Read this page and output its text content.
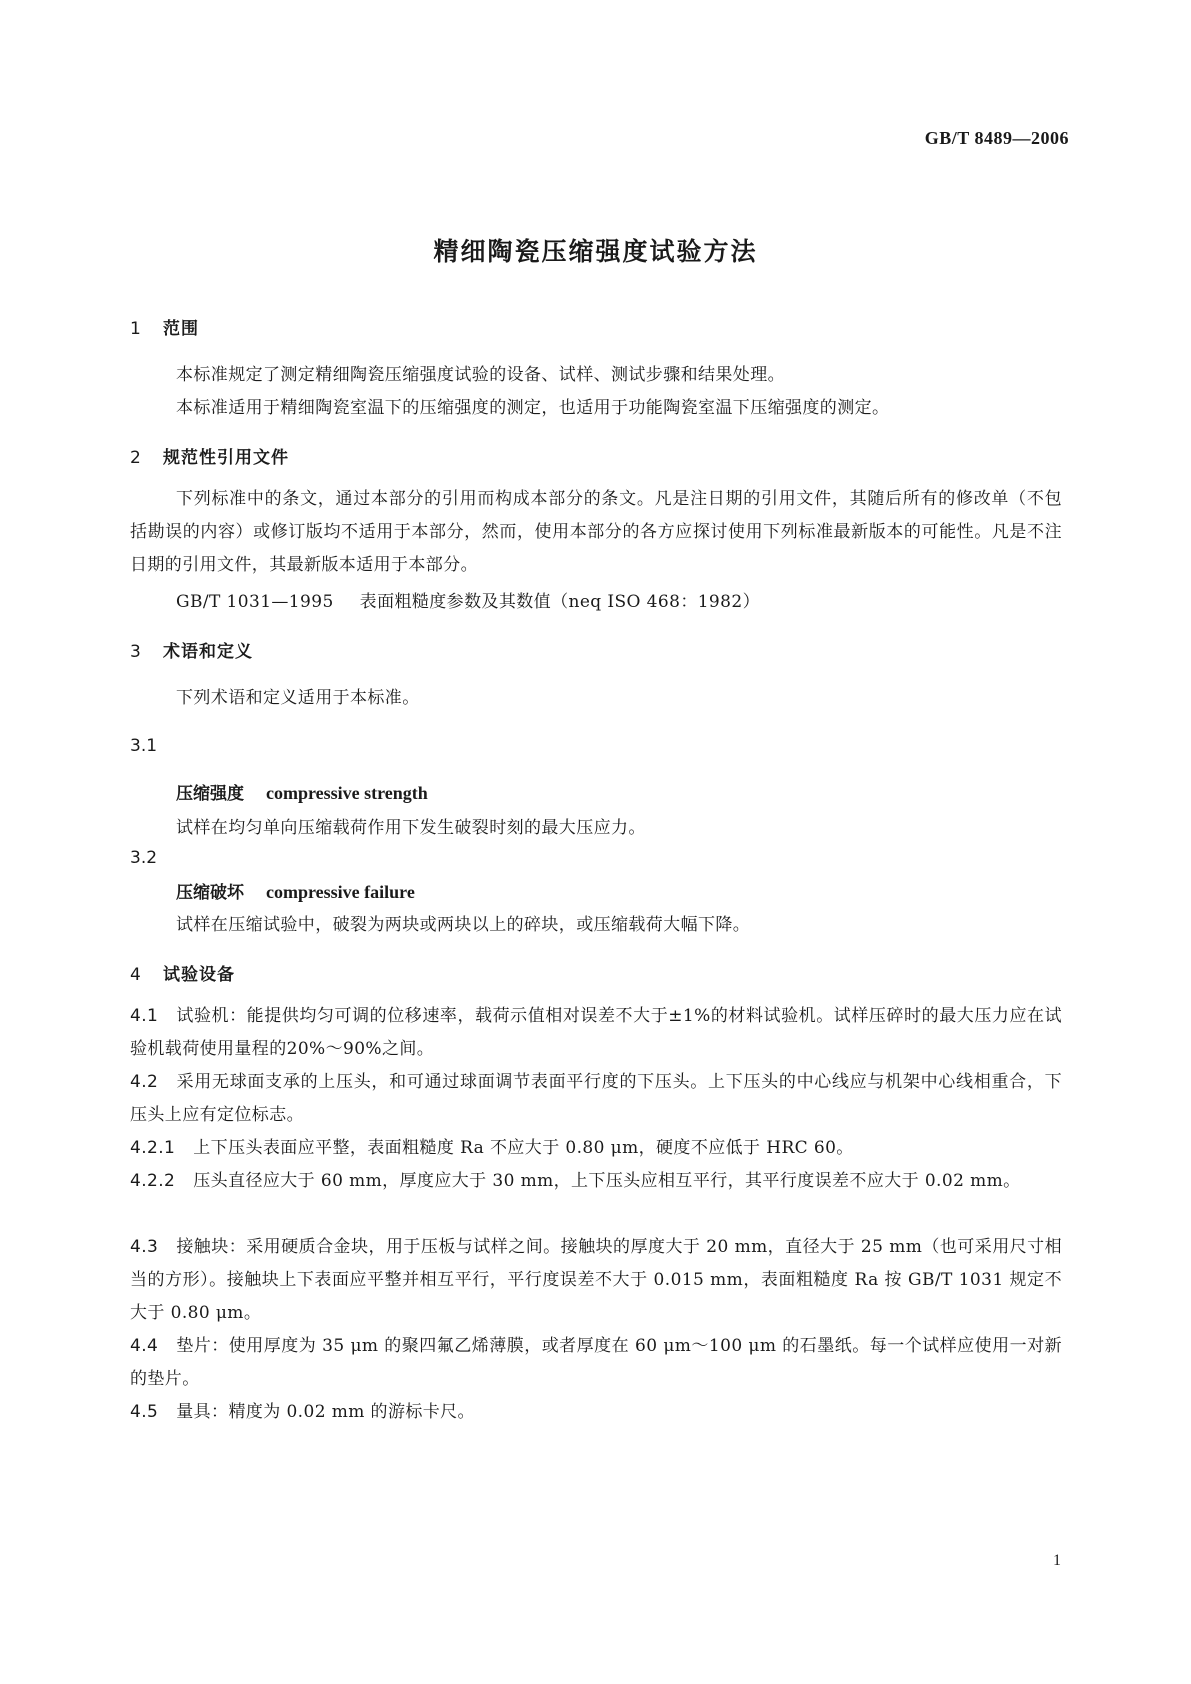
GB/T 8489—2006
精细陶瓷压缩强度试验方法
1 范围
本标准规定了测定精细陶瓷压缩强度试验的设备、试样、测试步骤和结果处理。
本标准适用于精细陶瓷室温下的压缩强度的测定，也适用于功能陶瓷室温下压缩强度的测定。
2 规范性引用文件
下列标准中的条文，通过本部分的引用而构成本部分的条文。凡是注日期的引用文件，其随后所有的修改单（不包括勘误的内容）或修订版均不适用于本部分，然而，使用本部分的各方应探讨使用下列标准最新版本的可能性。凡是不注日期的引用文件，其最新版本适用于本部分。
GB/T 1031—1995 表面粗糙度参数及其数值（neq ISO 468：1982）
3 术语和定义
下列术语和定义适用于本标准。
3.1
压缩强度 compressive strength
试样在均匀单向压缩载荷作用下发生破裂时刻的最大压应力。
3.2
压缩破坏 compressive failure
试样在压缩试验中，破裂为两块或两块以上的碎块，或压缩载荷大幅下降。
4 试验设备
4.1 试验机：能提供均匀可调的位移速率，载荷示值相对误差不大于±1%的材料试验机。试样压碎时的最大压力应在试验机载荷使用量程的20%～90%之间。
4.2 采用无球面支承的上压头，和可通过球面调节表面平行度的下压头。上下压头的中心线应与机架中心线相重合，下压头上应有定位标志。
4.2.1 上下压头表面应平整，表面粗糙度 Ra 不应大于 0.80 μm，硬度不应低于 HRC 60。
4.2.2 压头直径应大于 60 mm，厚度应大于 30 mm，上下压头应相互平行，其平行度误差不应大于 0.02 mm。
4.3 接触块：采用硬质合金块，用于压板与试样之间。接触块的厚度大于 20 mm，直径大于 25 mm（也可采用尺寸相当的方形）。接触块上下表面应平整并相互平行，平行度误差不大于 0.015 mm，表面粗糙度 Ra 按 GB/T 1031 规定不大于 0.80 μm。
4.4 垫片：使用厚度为 35 μm 的聚四氟乙烯薄膜，或者厚度在 60 μm～100 μm 的石墨纸。每一个试样应使用一对新的垫片。
4.5 量具：精度为 0.02 mm 的游标卡尺。
1
